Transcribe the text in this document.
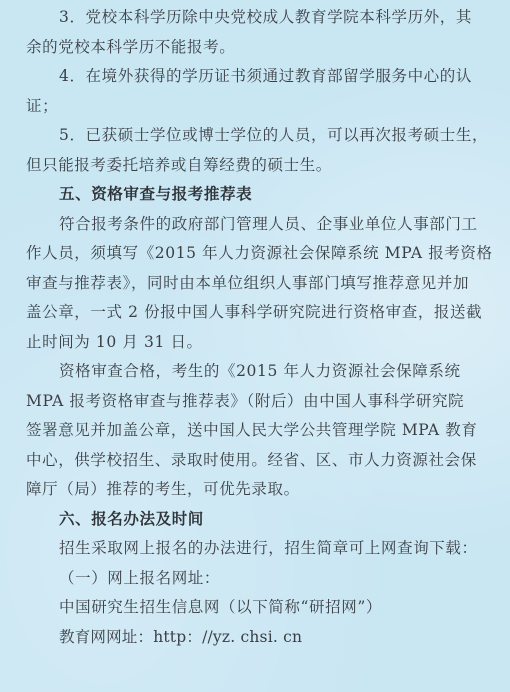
3．党校本科学历除中央党校成人教育学院本科学历外，其
余的党校本科学历不能报考。
4．在境外获得的学历证书须通过教育部留学服务中心的认
证；
5．已获硕士学位或博士学位的人员，可以再次报考硕士生，
但只能报考委托培养或自筹经费的硕士生。
五、资格审查与报考推荐表
符合报考条件的政府部门管理人员、企事业单位人事部门工
作人员，须填写《2015 年人力资源社会保障系统 MPA 报考资格
审查与推荐表》，同时由本单位组织人事部门填写推荐意见并加
盖公章，一式 2 份报中国人事科学研究院进行资格审查，报送截
止时间为 10 月 31 日。
资格审查合格，考生的《2015 年人力资源社会保障系统
MPA 报考资格审查与推荐表》（附后）由中国人事科学研究院
签署意见并加盖公章，送中国人民大学公共管理学院 MPA 教育
中心，供学校招生、录取时使用。经省、区、市人力资源社会保
障厅（局）推荐的考生，可优先录取。
六、报名办法及时间
招生采取网上报名的办法进行，招生简章可上网查询下载：
（一）网上报名网址：
中国研究生招生信息网（以下简称“研招网”）
教育网网址：http：//yz. chsi. cn
